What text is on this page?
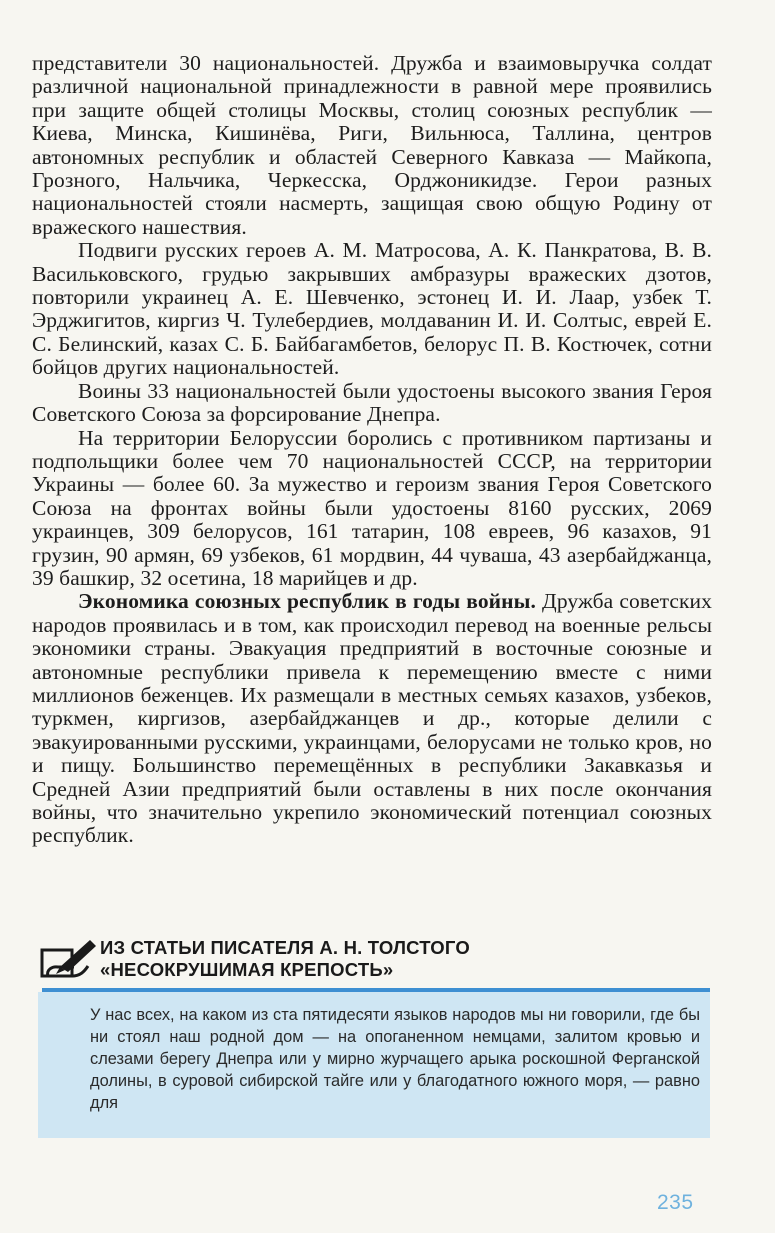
представители 30 национальностей. Дружба и взаимовыручка солдат различной национальной принадлежности в равной мере проявились при защите общей столицы Москвы, столиц союзных республик — Киева, Минска, Кишинёва, Риги, Вильнюса, Таллина, центров автономных республик и областей Северного Кавказа — Майкопа, Грозного, Нальчика, Черкесска, Орджоникидзе. Герои разных национальностей стояли насмерть, защищая свою общую Родину от вражеского нашествия.

Подвиги русских героев А. М. Матросова, А. К. Панкратова, В. В. Васильковского, грудью закрывших амбразуры вражеских дзотов, повторили украинец А. Е. Шевченко, эстонец И. И. Лаар, узбек Т. Эрджигитов, киргиз Ч. Тулебердиев, молдаванин И. И. Солтыс, еврей Е. С. Белинский, казах С. Б. Байбагамбетов, белорус П. В. Костючек, сотни бойцов других национальностей.

Воины 33 национальностей были удостоены высокого звания Героя Советского Союза за форсирование Днепра.

На территории Белоруссии боролись с противником партизаны и подпольщики более чем 70 национальностей СССР, на территории Украины — более 60. За мужество и героизм звания Героя Советского Союза на фронтах войны были удостоены 8160 русских, 2069 украинцев, 309 белорусов, 161 татарин, 108 евреев, 96 казахов, 91 грузин, 90 армян, 69 узбеков, 61 мордвин, 44 чуваша, 43 азербайджанца, 39 башкир, 32 осетина, 18 марийцев и др.

Экономика союзных республик в годы войны. Дружба советских народов проявилась и в том, как происходил перевод на военные рельсы экономики страны. Эвакуация предприятий в восточные союзные и автономные республики привела к перемещению вместе с ними миллионов беженцев. Их размещали в местных семьях казахов, узбеков, туркмен, киргизов, азербайджанцев и др., которые делили с эвакуированными русскими, украинцами, белорусами не только кров, но и пищу. Большинство перемещённых в республики Закавказья и Средней Азии предприятий были оставлены в них после окончания войны, что значительно укрепило экономический потенциал союзных республик.

ИЗ СТАТЬИ ПИСАТЕЛЯ А. Н. ТОЛСТОГО
«НЕСОКРУШИМАЯ КРЕПОСТЬ»

У нас всех, на каком из ста пятидесяти языков народов мы ни говорили, где бы ни стоял наш родной дом — на опоганенном немцами, залитом кровью и слезами берегу Днепра или у мирно журчащего арыка роскошной Ферганской долины, в суровой сибирской тайге или у благодатного южного моря, — равно для

235
